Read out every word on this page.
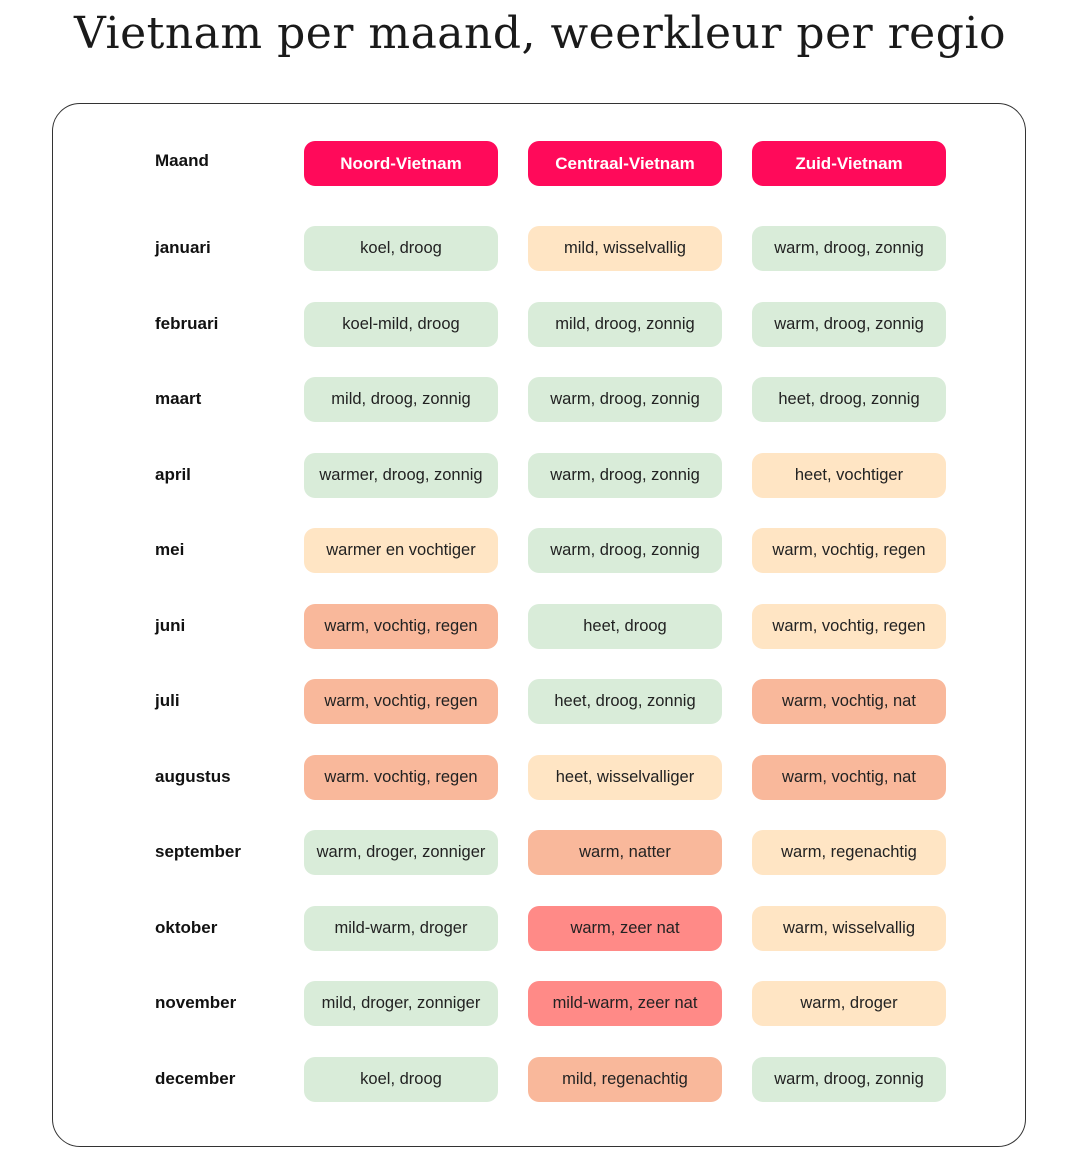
Vietnam per maand, weerkleur per regio
Maand	Noord-Vietnam	Centraal-Vietnam	Zuid-Vietnam
januari	koel, droog	mild, wisselvallig	warm, droog, zonnig
februari	koel-mild, droog	mild, droog, zonnig	warm, droog, zonnig
maart	mild, droog, zonnig	warm, droog, zonnig	heet, droog, zonnig
april	warmer, droog, zonnig	warm, droog, zonnig	heet, vochtiger
mei	warmer en vochtiger	warm, droog, zonnig	warm, vochtig, regen
juni	warm, vochtig, regen	heet, droog	warm, vochtig, regen
juli	warm, vochtig, regen	heet, droog, zonnig	warm, vochtig, nat
augustus	warm. vochtig, regen	heet, wisselvalliger	warm, vochtig, nat
september	warm, droger, zonniger	warm, natter	warm, regenachtig
oktober	mild-warm, droger	warm, zeer nat	warm, wisselvallig
november	mild, droger, zonniger	mild-warm, zeer nat	warm, droger
december	koel, droog	mild, regenachtig	warm, droog, zonnig
